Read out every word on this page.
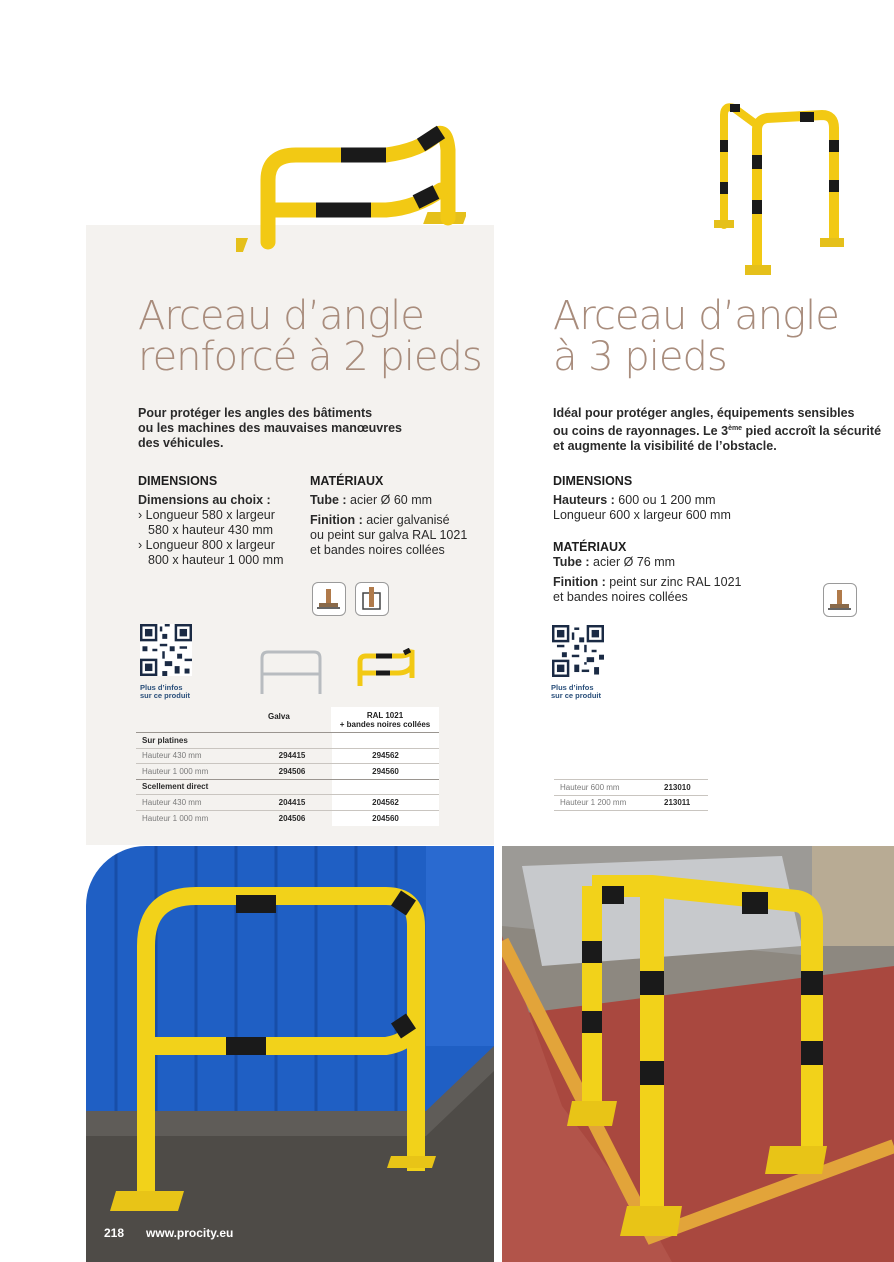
Arceau d’angle
renforcé à 2 pieds
Arceau d’angle
à 3 pieds
Pour protéger les angles des bâtiments
ou les machines des mauvaises manœuvres
des véhicules.
DIMENSIONS
Dimensions au choix :
› Longueur 580 x largeur
580 x hauteur 430 mm
› Longueur 800 x largeur
800 x hauteur 1 000 mm
MATÉRIAUX
Tube : acier Ø 60 mm
Finition : acier galvanisé
ou peint sur galva RAL 1021
et bandes noires collées
Plus d’infos
sur ce produit
Galva	RAL 1021
+ bandes noires collées
Sur platines		
Hauteur 430 mm	294415	294562
Hauteur 1 000 mm	294506	294560
Scellement direct		
Hauteur 430 mm	204415	204562
Hauteur 1 000 mm	204506	204560
Idéal pour protéger angles, équipements sensibles
ou coins de rayonnages. Le 3ème pied accroît la sécurité
et augmente la visibilité de l’obstacle.
DIMENSIONS
Hauteurs : 600 ou 1 200 mm
Longueur 600 x largeur 600 mm
MATÉRIAUX
Tube : acier Ø 76 mm
Finition : peint sur zinc RAL 1021
et bandes noires collées
Plus d’infos
sur ce produit
Hauteur 600 mm	213010
Hauteur 1 200 mm	213011
218 www.procity.eu
